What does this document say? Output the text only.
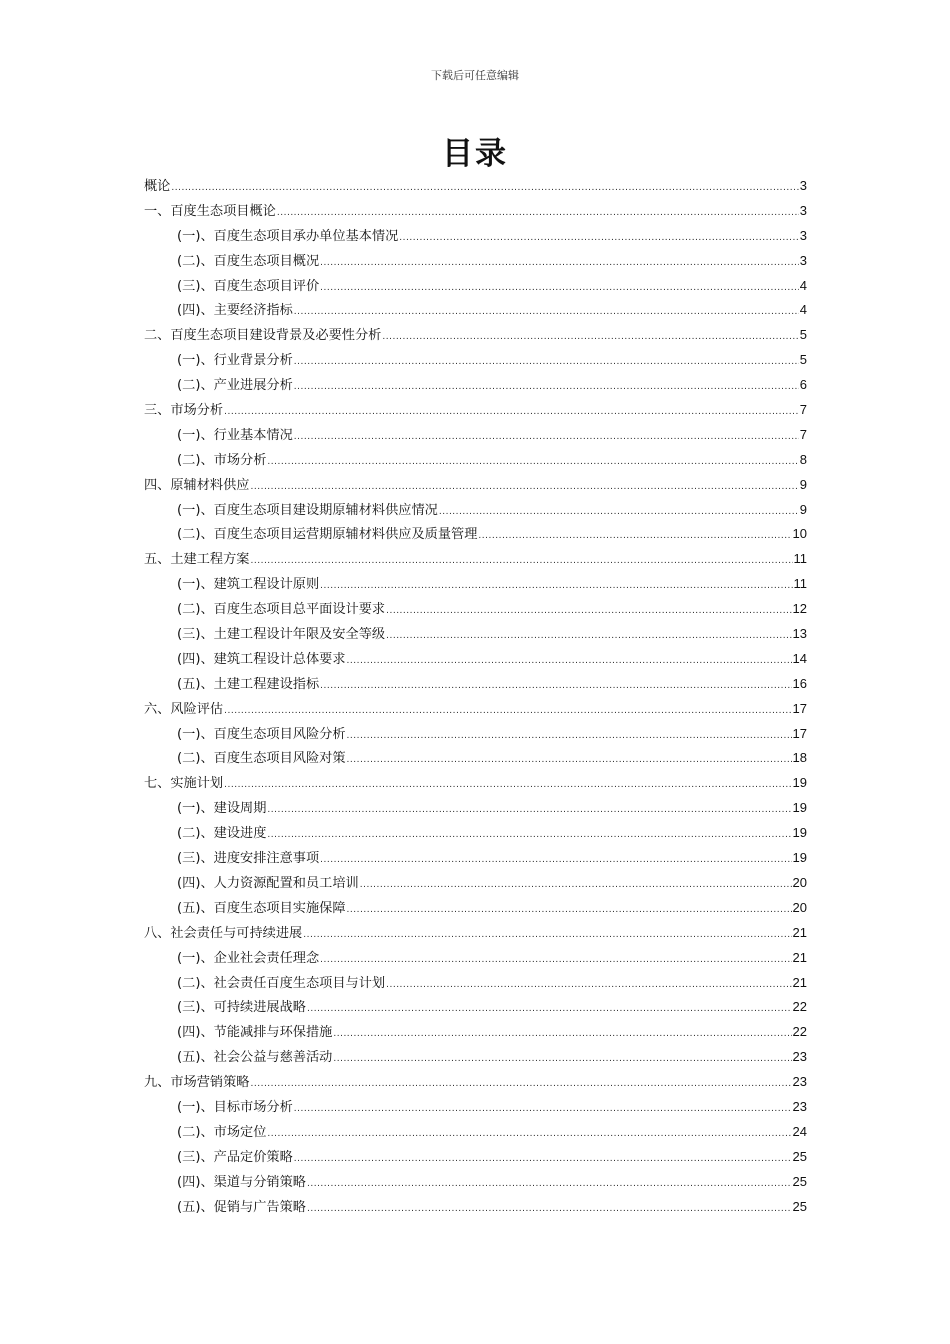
下载后可任意编辑
目录
概论 .....	3
一、百度生态项目概论 .....	3
(一)、百度生态项目承办单位基本情况 .....	3
(二)、百度生态项目概况 .....	3
(三)、百度生态项目评价 .....	4
(四)、主要经济指标 .....	4
二、百度生态项目建设背景及必要性分析 .....	5
(一)、行业背景分析 .....	5
(二)、产业进展分析 .....	6
三、市场分析 .....	7
(一)、行业基本情况 .....	7
(二)、市场分析 .....	8
四、原辅材料供应 .....	9
(一)、百度生态项目建设期原辅材料供应情况 .....	9
(二)、百度生态项目运营期原辅材料供应及质量管理 .....	10
五、土建工程方案 .....	11
(一)、建筑工程设计原则 .....	11
(二)、百度生态项目总平面设计要求 .....	12
(三)、土建工程设计年限及安全等级 .....	13
(四)、建筑工程设计总体要求 .....	14
(五)、土建工程建设指标 .....	16
六、风险评估 .....	17
(一)、百度生态项目风险分析 .....	17
(二)、百度生态项目风险对策 .....	18
七、实施计划 .....	19
(一)、建设周期 .....	19
(二)、建设进度 .....	19
(三)、进度安排注意事项 .....	19
(四)、人力资源配置和员工培训 .....	20
(五)、百度生态项目实施保障 .....	20
八、社会责任与可持续进展 .....	21
(一)、企业社会责任理念 .....	21
(二)、社会责任百度生态项目与计划 .....	21
(三)、可持续进展战略 .....	22
(四)、节能减排与环保措施 .....	22
(五)、社会公益与慈善活动 .....	23
九、市场营销策略 .....	23
(一)、目标市场分析 .....	23
(二)、市场定位 .....	24
(三)、产品定价策略 .....	25
(四)、渠道与分销策略 .....	25
(五)、促销与广告策略 .....	25
